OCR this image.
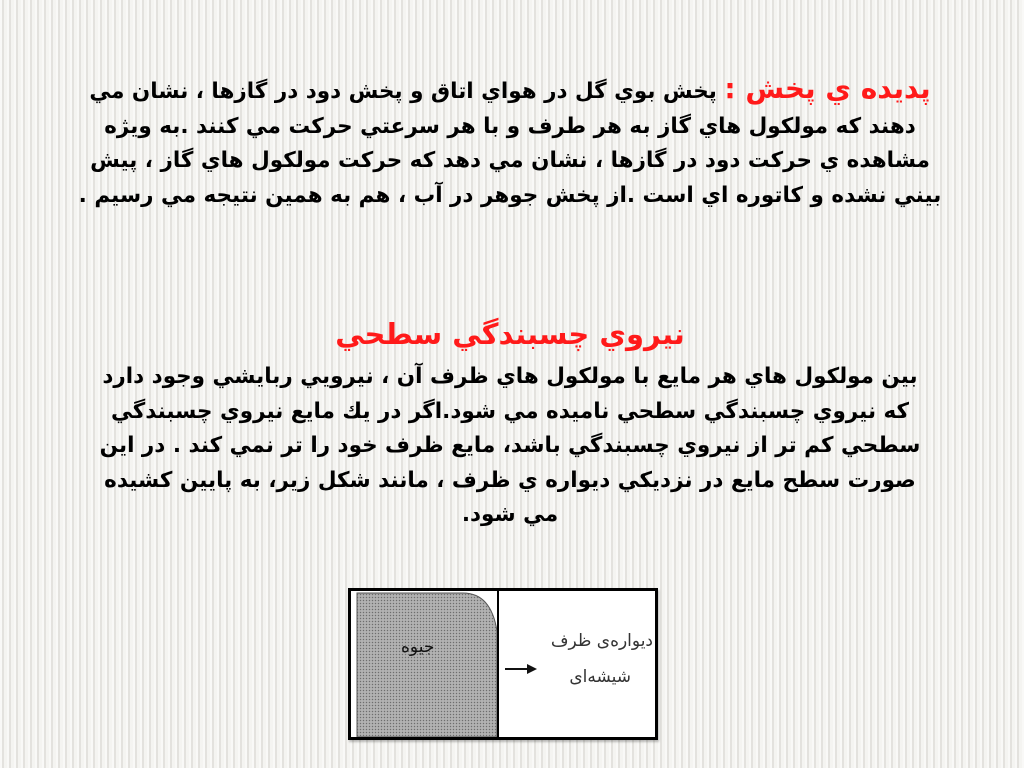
پديده ي پخش : پخش بوي گل در هواي اتاق و پخش دود در گازها ، نشان مي دهند كه مولكول هاي گاز به هر طرف و با هر سرعتي حركت مي كنند .به ويژه مشاهده ي حركت دود در گازها ، نشان مي دهد كه حركت مولكول هاي گاز ، پيش بيني نشده و كاتوره اي است .از پخش جوهر در آب ، هم به همين نتيجه مي رسيم .
نيروي چسبندگي سطحي
بين مولكول هاي هر مايع با مولكول هاي ظرف آن ، نيرويي ربايشي وجود دارد كه نيروي چسبندگي سطحي ناميده مي شود.اگر در يك مايع نيروي چسبندگي سطحي كم تر از نيروي چسبندگي باشد، مايع ظرف خود را تر نمي كند . در اين صورت سطح مايع در نزديكي ديواره ي ظرف ، مانند شكل زير، به پايين كشيده مي شود.
جیوه	دیواره‌ی ظرف
شیشه‌ای
